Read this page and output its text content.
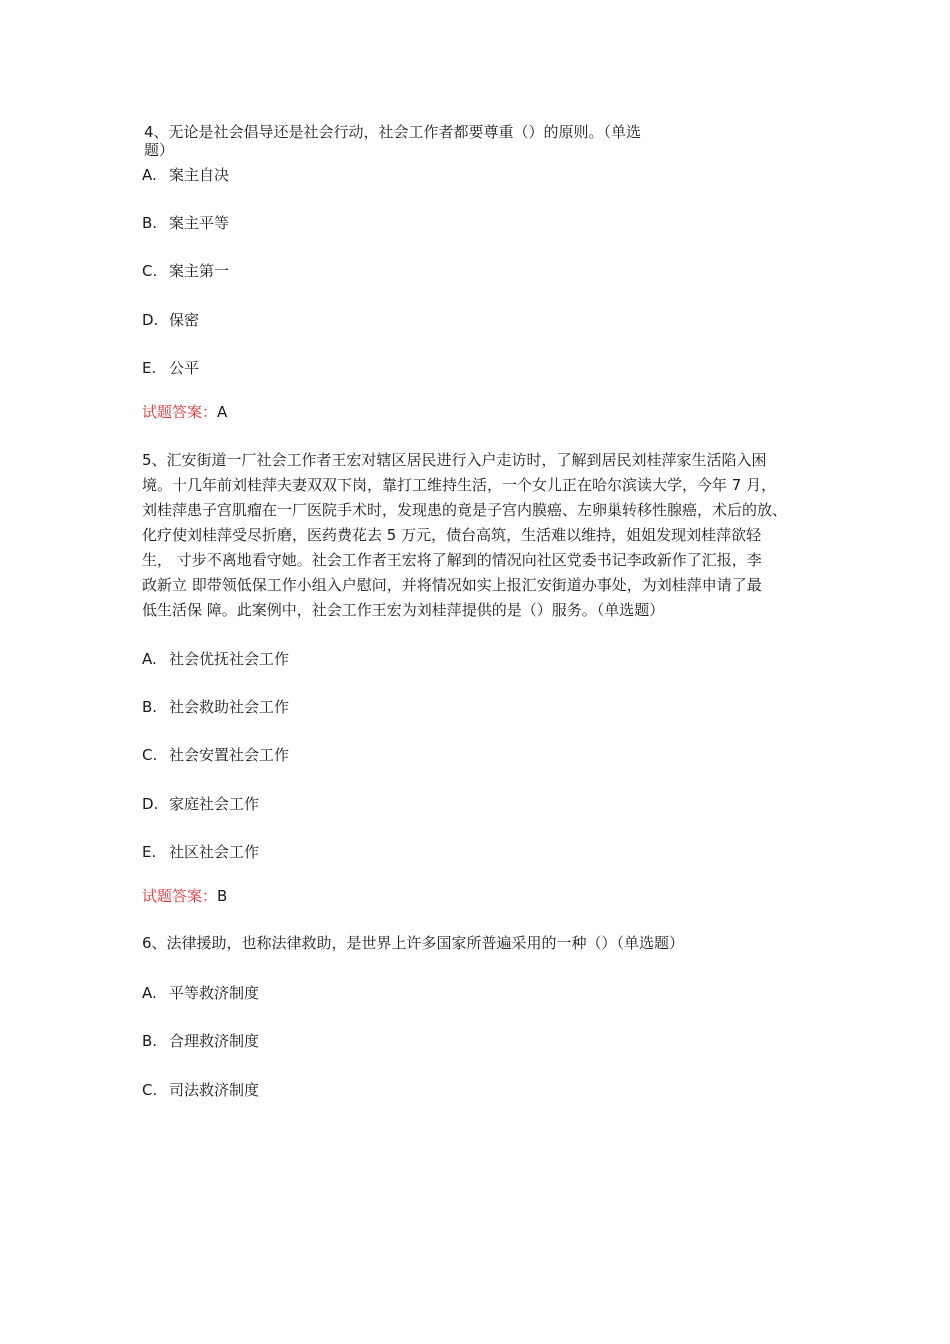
4、无论是社会倡导还是社会行动，社会工作者都要尊重（）的原则。（单选
题）
A. 案主自决
B. 案主平等
C. 案主第一
D. 保密
E. 公平
试题答案：A
5、汇安街道一厂社会工作者王宏对辖区居民进行入户走访时，了解到居民刘桂萍家生活陷入困
境。十几年前刘桂萍夫妻双双下岗，靠打工维持生活，一个女儿正在哈尔滨读大学，今年 7 月，
刘桂萍患子宫肌瘤在一厂医院手术时，发现患的竟是子宫内膜癌、左卵巢转移性腺癌，术后的放、
化疗使刘桂萍受尽折磨，医药费花去 5 万元，债台高筑，生活难以维持，姐姐发现刘桂萍欲轻
生， 寸步不离地看守她。社会工作者王宏将了解到的情况向社区党委书记李政新作了汇报，李
政新立 即带领低保工作小组入户慰问，并将情况如实上报汇安街道办事处，为刘桂萍申请了最
低生活保 障。此案例中，社会工作王宏为刘桂萍提供的是（）服务。（单选题）
A. 社会优抚社会工作
B. 社会救助社会工作
C. 社会安置社会工作
D. 家庭社会工作
E. 社区社会工作
试题答案：B
6、法律援助，也称法律救助，是世界上许多国家所普遍采用的一种（）（单选题）
A. 平等救济制度
B. 合理救济制度
C. 司法救济制度
